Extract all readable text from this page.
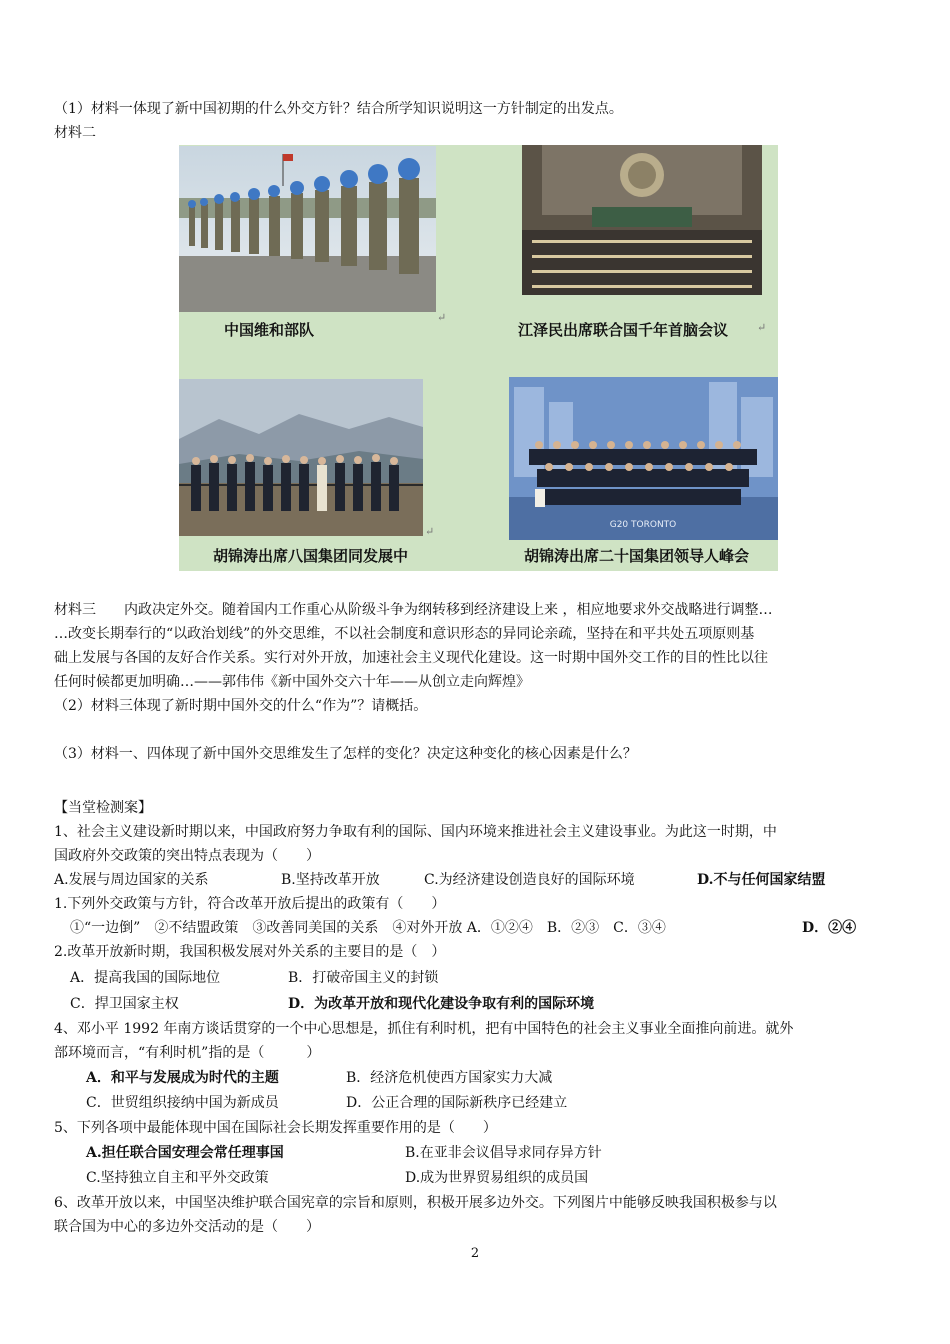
（1）材料一体现了新中国初期的什么外交方针？结合所学知识说明这一方针制定的出发点。
材料二
中国维和部队
↵
江泽民出席联合国千年首脑会议	↵
G20 TORONTO
↵
胡锦涛出席八国集团同发展中	胡锦涛出席二十国集团领导人峰会
材料三　　内政决定外交。随着国内工作重心从阶级斗争为纲转移到经济建设上来 ，相应地要求外交战略进行调整…
…改变长期奉行的“以政治划线”的外交思维，不以社会制度和意识形态的异同论亲疏，坚持在和平共处五项原则基
础上发展与各国的友好合作关系。实行对外开放，加速社会主义现代化建设。这一时期中国外交工作的目的性比以往
任何时候都更加明确…——郭伟伟《新中国外交六十年——从创立走向辉煌》
（2）材料三体现了新时期中国外交的什么“作为”？请概括。
（3）材料一、四体现了新中国外交思维发生了怎样的变化？决定这种变化的核心因素是什么？
【当堂检测案】
1、社会主义建设新时期以来，中国政府努力争取有利的国际、国内环境来推进社会主义建设事业。为此这一时期，中
国政府外交政策的突出特点表现为（　　）
A.发展与周边国家的关系	B.坚持改革开放	C.为经济建设创造良好的国际环境	D.不与任何国家结盟
1.下列外交政策与方针，符合改革开放后提出的政策有（　　）
①“一边倒”　②不结盟政策　③改善同美国的关系　④对外开放 A．①②④　B．②③　C．③④	D．②④
2.改革开放新时期，我国积极发展对外关系的主要目的是（　）
A．提高我国的国际地位	B．打破帝国主义的封锁
C．捍卫国家主权	D．为改革开放和现代化建设争取有利的国际环境
4、邓小平 1992 年南方谈话贯穿的一个中心思想是，抓住有利时机，把有中国特色的社会主义事业全面推向前进。就外
部环境而言，“有利时机”指的是（　　　）
A．和平与发展成为时代的主题	B．经济危机使西方国家实力大减
C．世贸组织接纳中国为新成员	D．公正合理的国际新秩序已经建立
5、下列各项中最能体现中国在国际社会长期发挥重要作用的是（　　）
A.担任联合国安理会常任理事国	B.在亚非会议倡导求同存异方针
C.坚持独立自主和平外交政策	D.成为世界贸易组织的成员国
6、改革开放以来，中国坚决维护联合国宪章的宗旨和原则，积极开展多边外交。下列图片中能够反映我国积极参与以
联合国为中心的多边外交活动的是（　　）
2
